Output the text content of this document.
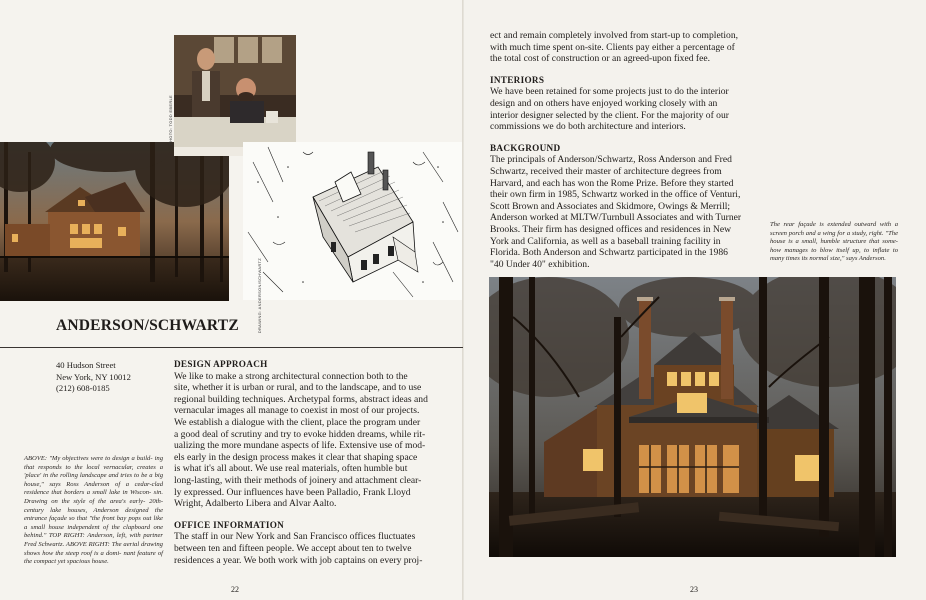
PHOTO: TODD EBERLE
DRAWING: ANDERSON/SCHWARTZ
ANDERSON/SCHWARTZ
40 Hudson Street
New York, NY 10012
(212) 608-0185
ABOVE: "My objectives were to design a build- ing that responds to the local vernacular, creates a 'place' in the rolling landscape and tries to be a big house," says Ross Anderson of a cedar-clad residence that borders a small lake in Wiscon- sin. Drawing on the style of the area's early- 20th-century lake houses, Anderson designed the entrance façade so that "the front bay pops out like a small house independent of the clapboard one behind." TOP RIGHT: Anderson, left, with partner Fred Schwartz. ABOVE RIGHT: The aerial drawing shows how the steep roof is a domi- nant feature of the compact yet spacious house.
DESIGN APPROACH

We like to make a strong architectural connection both to the
site, whether it is urban or rural, and to the landscape, and to use
regional building techniques. Archetypal forms, abstract ideas and
vernacular images all manage to coexist in most of our projects.
We establish a dialogue with the client, place the program under
a good deal of scrutiny and try to evoke hidden dreams, while rit-
ualizing the more mundane aspects of life. Extensive use of mod-
els early in the design process makes it clear that shaping space
is what it's all about. We use real materials, often humble but
long-lasting, with their methods of joinery and attachment clear-
ly expressed. Our influences have been Palladio, Frank Lloyd
Wright, Adalberto Libera and Alvar Aalto.

OFFICE INFORMATION

The staff in our New York and San Francisco offices fluctuates
between ten and fifteen people. We accept about ten to twelve
residences a year. We both work with job captains on every proj-

22

ect and remain completely involved from start-up to completion,
with much time spent on-site. Clients pay either a percentage of
the total cost of construction or an agreed-upon fixed fee.

INTERIORS

We have been retained for some projects just to do the interior
design and on others have enjoyed working closely with an
interior designer selected by the client. For the majority of our
commissions we do both architecture and interiors.

BACKGROUND

The principals of Anderson/Schwartz, Ross Anderson and Fred
Schwartz, received their master of architecture degrees from
Harvard, and each has won the Rome Prize. Before they started
their own firm in 1985, Schwartz worked in the office of Venturi,
Scott Brown and Associates and Skidmore, Owings & Merrill;
Anderson worked at MLTW/Turnbull Associates and with Turner
Brooks. Their firm has designed offices and residences in New
York and California, as well as a baseball training facility in
Florida. Both Anderson and Schwartz participated in the 1986
"40 Under 40" exhibition.

The rear façade is extended outward with a screen porch and a wing for a study, right. "The house is a small, humble structure that some- how manages to blow itself up, to inflate to many times its normal size," says Anderson.
23
